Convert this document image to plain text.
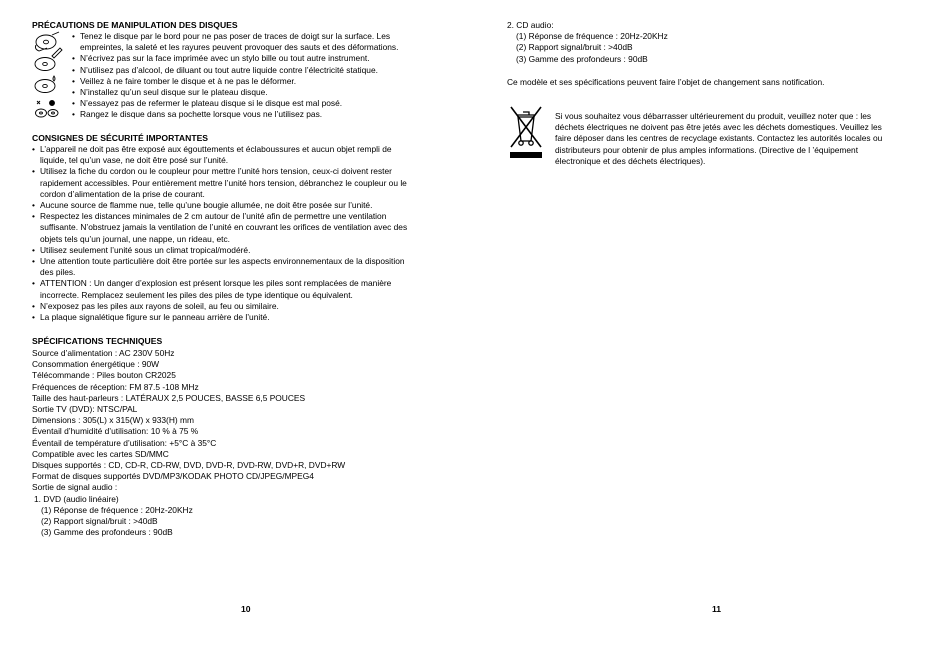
PRÉCAUTIONS DE MANIPULATION DES DISQUES

• Tenez le disque par le bord pour ne pas poser de traces de doigt sur la surface. Les

empreintes, la saleté et les rayures peuvent provoquer des sauts et des déformations.

• N’écrivez pas sur la face imprimée avec un stylo bille ou tout autre instrument.

• N’utilisez pas d’alcool, de diluant ou tout autre liquide contre l’électricité statique.

• Veillez à ne faire tomber le disque et à ne pas le déformer.

• N’installez qu’un seul disque sur le plateau disque.

• N’essayez pas de refermer le plateau disque si le disque est mal posé.

• Rangez le disque dans sa pochette lorsque vous ne l’utilisez pas.

CONSIGNES DE SÉCURITÉ IMPORTANTES

• L’appareil ne doit pas être exposé aux égouttements et éclaboussures et aucun objet rempli de

liquide, tel qu’un vase, ne doit être posé sur l’unité.

• Utilisez la fiche du cordon ou le coupleur pour mettre l’unité hors tension, ceux-ci doivent rester

rapidement accessibles. Pour entièrement mettre l’unité hors tension, débranchez le coupleur ou le

cordon d’alimentation de la prise de courant.

• Aucune source de flamme nue, telle qu’une bougie allumée, ne doit être posée sur l’unité.

• Respectez les distances minimales de 2 cm autour de l’unité afin de permettre une ventilation

suffisante. N’obstruez jamais la ventilation de l’unité en couvrant les orifices de ventilation avec des

objets tels qu’un journal, une nappe, un rideau, etc.

• Utilisez seulement l’unité sous un climat tropical/modéré.

• Une attention toute particulière doit être portée sur les aspects environnementaux de la disposition

des piles.

• ATTENTION : Un danger d’explosion est présent lorsque les piles sont remplacées de manière

incorrecte. Remplacez seulement les piles des piles de type identique ou équivalent.

• N’exposez pas les piles aux rayons de soleil, au feu ou similaire.

• La plaque signalétique figure sur le panneau arrière de l’unité.

SPÉCIFICATIONS TECHNIQUES

Source d’alimentation : AC 230V 50Hz

Consommation énergétique : 90W

Télécommande : Piles bouton CR2025

Fréquences de réception: FM 87.5 -108 MHz

Taille des haut-parleurs : LATÉRAUX 2,5 POUCES, BASSE 6,5 POUCES

Sortie TV (DVD): NTSC/PAL

Dimensions : 305(L) x 315(W) x 933(H) mm

Éventail d’humidité d’utilisation: 10 % à 75 %

Éventail de température d’utilisation: +5°C à 35°C

Compatible avec les cartes SD/MMC

Disques supportés : CD, CD-R, CD-RW, DVD, DVD-R, DVD-RW, DVD+R, DVD+RW

Format de disques supportés DVD/MP3/KODAK PHOTO CD/JPEG/MPEG4

Sortie de signal audio :

1. DVD (audio linéaire)

(1) Réponse de fréquence : 20Hz-20KHz

(2) Rapport signal/bruit : >40dB

(3) Gamme des profondeurs : 90dB

10

2. CD audio:

(1) Réponse de fréquence : 20Hz-20KHz

(2) Rapport signal/bruit : >40dB

(3) Gamme des profondeurs : 90dB

Ce modèle et ses spécifications peuvent faire l’objet de changement sans notification.

Si vous souhaitez vous débarrasser ultérieurement du produit, veuillez noter que : les

déchets électriques ne doivent pas être jetés avec les déchets domestiques. Veuillez les

faire déposer dans les centres de recyclage existants. Contactez les autorités locales ou

distributeurs pour obtenir de plus amples informations. (Directive de l ’équipement

électronique et des déchets électriques).

11
